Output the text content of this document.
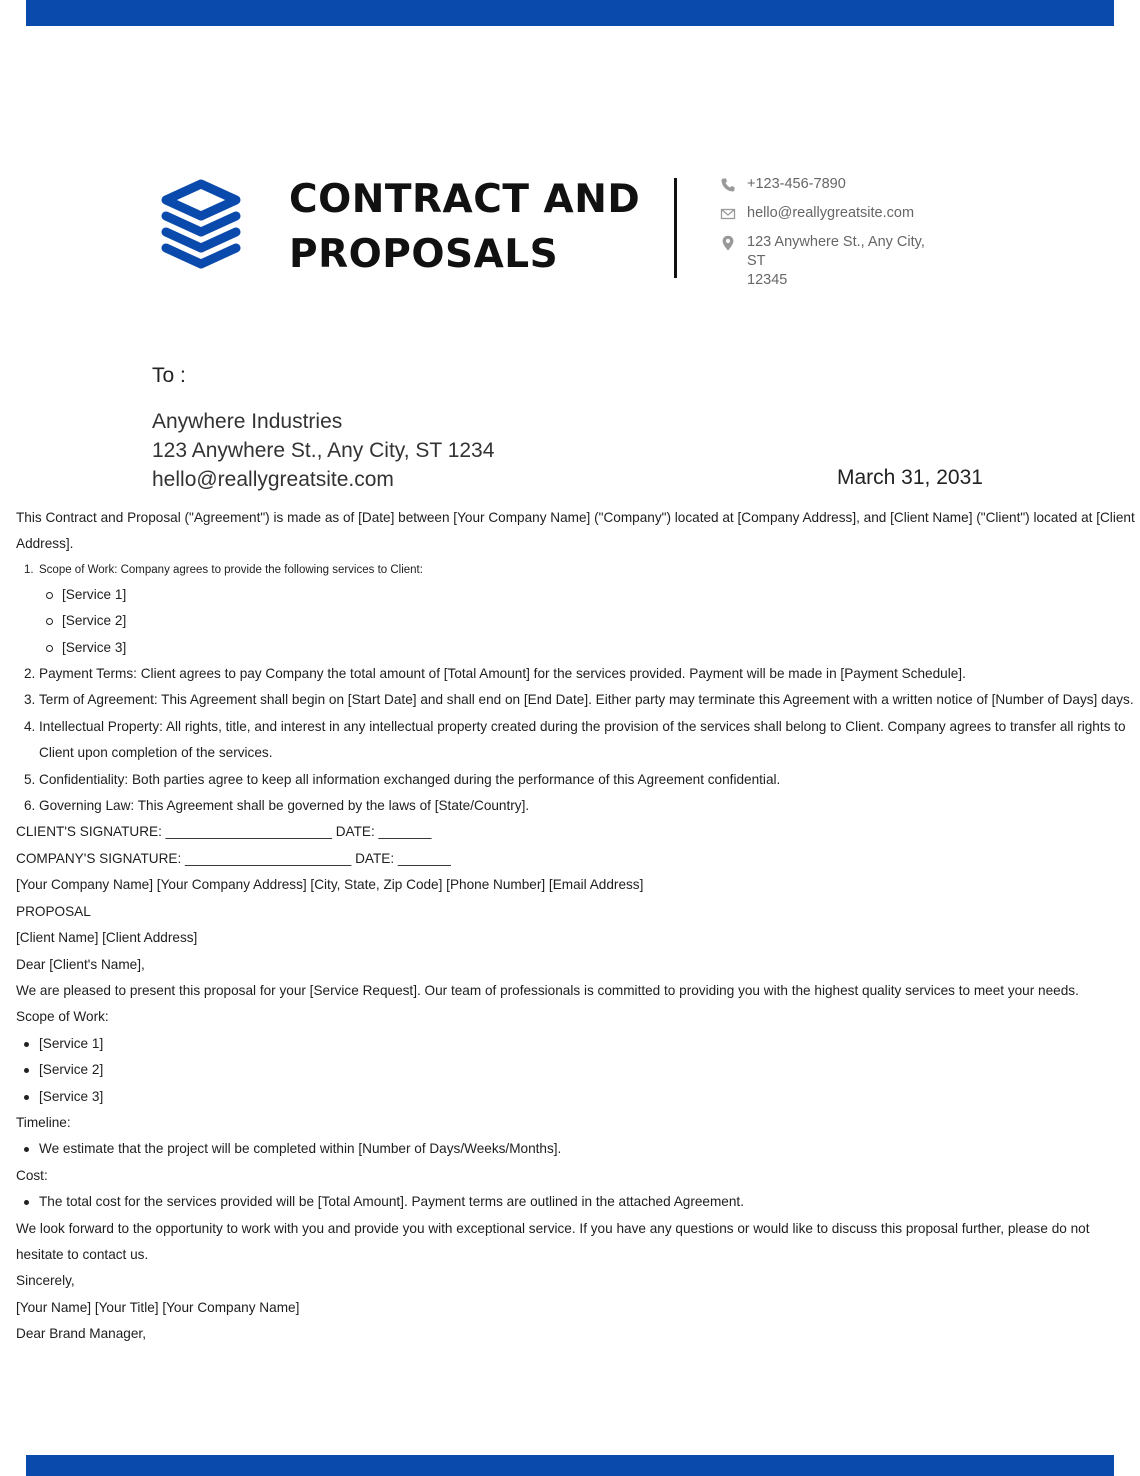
CONTRACT AND
PROPOSALS
+123-456-7890
hello@reallygreatsite.com
123 Anywhere St., Any City, ST
12345
To :
Anywhere Industries
123 Anywhere St., Any City, ST 1234
hello@reallygreatsite.com	March 31, 2031

This Contract and Proposal ("Agreement") is made as of [Date] between [Your Company Name] ("Company") located at [Company Address], and [Client Name] ("Client") located at [Client Address].

1. Scope of Work: Company agrees to provide the following services to Client:
[Service 1]
[Service 2]
[Service 3]
2. Payment Terms: Client agrees to pay Company the total amount of [Total Amount] for the services provided. Payment will be made in [Payment Schedule].
3. Term of Agreement: This Agreement shall begin on [Start Date] and shall end on [End Date]. Either party may terminate this Agreement with a written notice of [Number of Days] days.
4. Intellectual Property: All rights, title, and interest in any intellectual property created during the provision of the services shall belong to Client. Company agrees to transfer all rights to Client upon completion of the services.
5. Confidentiality: Both parties agree to keep all information exchanged during the performance of this Agreement confidential.
6. Governing Law: This Agreement shall be governed by the laws of [State/Country].

CLIENT'S SIGNATURE: ______________________ DATE: _______

COMPANY'S SIGNATURE: ______________________ DATE: _______

[Your Company Name] [Your Company Address] [City, State, Zip Code] [Phone Number] [Email Address]

PROPOSAL

[Client Name] [Client Address]

Dear [Client's Name],

We are pleased to present this proposal for your [Service Request]. Our team of professionals is committed to providing you with the highest quality services to meet your needs.

Scope of Work:

[Service 1]
[Service 2]
[Service 3]

Timeline:

We estimate that the project will be completed within [Number of Days/Weeks/Months].

Cost:

The total cost for the services provided will be [Total Amount]. Payment terms are outlined in the attached Agreement.

We look forward to the opportunity to work with you and provide you with exceptional service. If you have any questions or would like to discuss this proposal further, please do not hesitate to contact us.

Sincerely,

[Your Name] [Your Title] [Your Company Name]

Dear Brand Manager,
